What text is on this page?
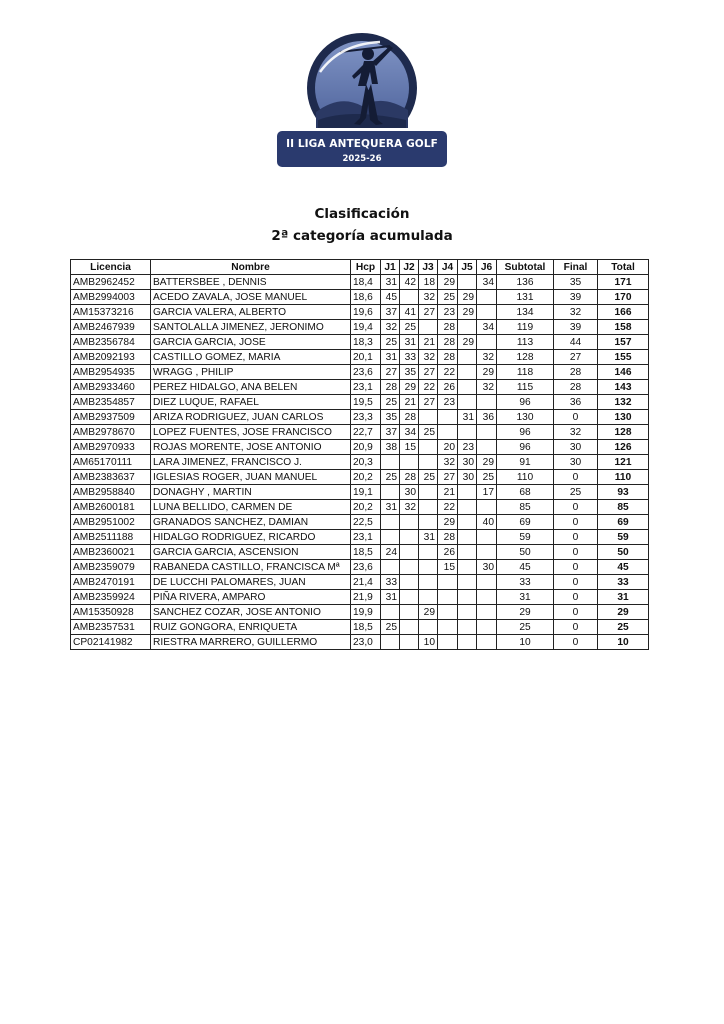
II LIGA ANTEQUERA GOLF
2025-26
Clasificación
2ª categoría acumulada
Licencia	Nombre	Hcp	J1	J2	J3	J4	J5	J6	Subtotal	Final	Total
AMB2962452	BATTERSBEE , DENNIS	18,4	31	42	18	29		34	136	35	171
AMB2994003	ACEDO ZAVALA, JOSE MANUEL	18,6	45		32	25	29		131	39	170
AM15373216	GARCIA VALERA, ALBERTO	19,6	37	41	27	23	29		134	32	166
AMB2467939	SANTOLALLA JIMENEZ, JERONIMO	19,4	32	25		28		34	119	39	158
AMB2356784	GARCIA GARCIA, JOSE	18,3	25	31	21	28	29		113	44	157
AMB2092193	CASTILLO GOMEZ, MARIA	20,1	31	33	32	28		32	128	27	155
AMB2954935	WRAGG , PHILIP	23,6	27	35	27	22		29	118	28	146
AMB2933460	PEREZ HIDALGO, ANA BELEN	23,1	28	29	22	26		32	115	28	143
AMB2354857	DIEZ LUQUE, RAFAEL	19,5	25	21	27	23			96	36	132
AMB2937509	ARIZA RODRIGUEZ, JUAN CARLOS	23,3	35	28			31	36	130	0	130
AMB2978670	LOPEZ FUENTES, JOSE FRANCISCO	22,7	37	34	25				96	32	128
AMB2970933	ROJAS MORENTE, JOSE ANTONIO	20,9	38	15		20	23		96	30	126
AM65170111	LARA JIMENEZ, FRANCISCO J.	20,3				32	30	29	91	30	121
AMB2383637	IGLESIAS ROGER, JUAN MANUEL	20,2	25	28	25	27	30	25	110	0	110
AMB2958840	DONAGHY , MARTIN	19,1		30		21		17	68	25	93
AMB2600181	LUNA BELLIDO, CARMEN DE	20,2	31	32		22			85	0	85
AMB2951002	GRANADOS SANCHEZ, DAMIAN	22,5				29		40	69	0	69
AMB2511188	HIDALGO RODRIGUEZ, RICARDO	23,1			31	28			59	0	59
AMB2360021	GARCIA GARCIA, ASCENSION	18,5	24			26			50	0	50
AMB2359079	RABANEDA CASTILLO, FRANCISCA Mª	23,6				15		30	45	0	45
AMB2470191	DE LUCCHI PALOMARES, JUAN	21,4	33						33	0	33
AMB2359924	PIÑA RIVERA, AMPARO	21,9	31						31	0	31
AM15350928	SANCHEZ COZAR, JOSE ANTONIO	19,9			29				29	0	29
AMB2357531	RUIZ GONGORA, ENRIQUETA	18,5	25						25	0	25
CP02141982	RIESTRA MARRERO, GUILLERMO	23,0			10				10	0	10
